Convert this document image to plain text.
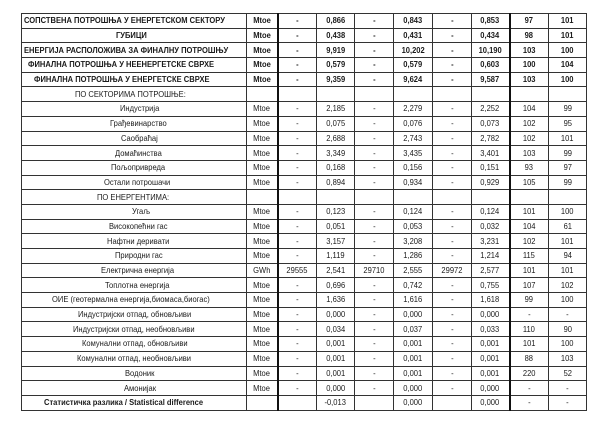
СОПСТВЕНА ПОТРОШЊА У ЕНЕРГЕТСКОМ СЕКТОРУ	Mtoe	-	0,866	-	0,843	-	0,853	97	101
ГУБИЦИ	Mtoe	-	0,438	-	0,431	-	0,434	98	101
ЕНЕРГИЈА РАСПОЛОЖИВА ЗА ФИНАЛНУ ПОТРОШЊУ	Mtoe	-	9,919	-	10,202	-	10,190	103	100
ФИНАЛНА ПОТРОШЊА У НЕЕНЕРГЕТСКЕ СВРХЕ	Mtoe	-	0,579	-	0,579	-	0,603	100	104
ФИНАЛНА ПОТРОШЊА У ЕНЕРГЕТСКЕ СВРХЕ	Mtoe	-	9,359	-	9,624	-	9,587	103	100
ПО СЕКТОРИМА ПОТРОШЊЕ:									
Индустрија	Mtoe	-	2,185	-	2,279	-	2,252	104	99
Грађевинарство	Mtoe	-	0,075	-	0,076	-	0,073	102	95
Саобраћај	Mtoe	-	2,688	-	2,743	-	2,782	102	101
Домаћинства	Mtoe	-	3,349	-	3,435	-	3,401	103	99
Пољопривреда	Mtoe	-	0,168	-	0,156	-	0,151	93	97
Остали потрошачи	Mtoe	-	0,894	-	0,934	-	0,929	105	99
ПО ЕНЕРГЕНТИМА:									
Угаљ	Mtoe	-	0,123	-	0,124	-	0,124	101	100
Високопећни гас	Mtoe	-	0,051	-	0,053	-	0,032	104	61
Нафтни деривати	Mtoe	-	3,157	-	3,208	-	3,231	102	101
Природни гас	Mtoe	-	1,119	-	1,286	-	1,214	115	94
Електрична енергија	GWh	29555	2,541	29710	2,555	29972	2,577	101	101
Топлотна енергија	Mtoe	-	0,696	-	0,742	-	0,755	107	102
ОИЕ (геотермална енергија,биомаса,биогас)	Mtoe	-	1,636	-	1,616	-	1,618	99	100
Индустријски отпад, обновљиви	Mtoe	-	0,000	-	0,000	-	0,000	-	-
Индустријски отпад, необновљиви	Mtoe	-	0,034	-	0,037	-	0,033	110	90
Комунални отпад, обновљиви	Mtoe	-	0,001	-	0,001	-	0,001	101	100
Комунални отпад, необновљиви	Mtoe	-	0,001	-	0,001	-	0,001	88	103
Водоник	Mtoe	-	0,001	-	0,001	-	0,001	220	52
Амонијак	Mtoe	-	0,000	-	0,000	-	0,000	-	-
Статистичка разлика / Statistical difference			-0,013		0,000		0,000	-	-
